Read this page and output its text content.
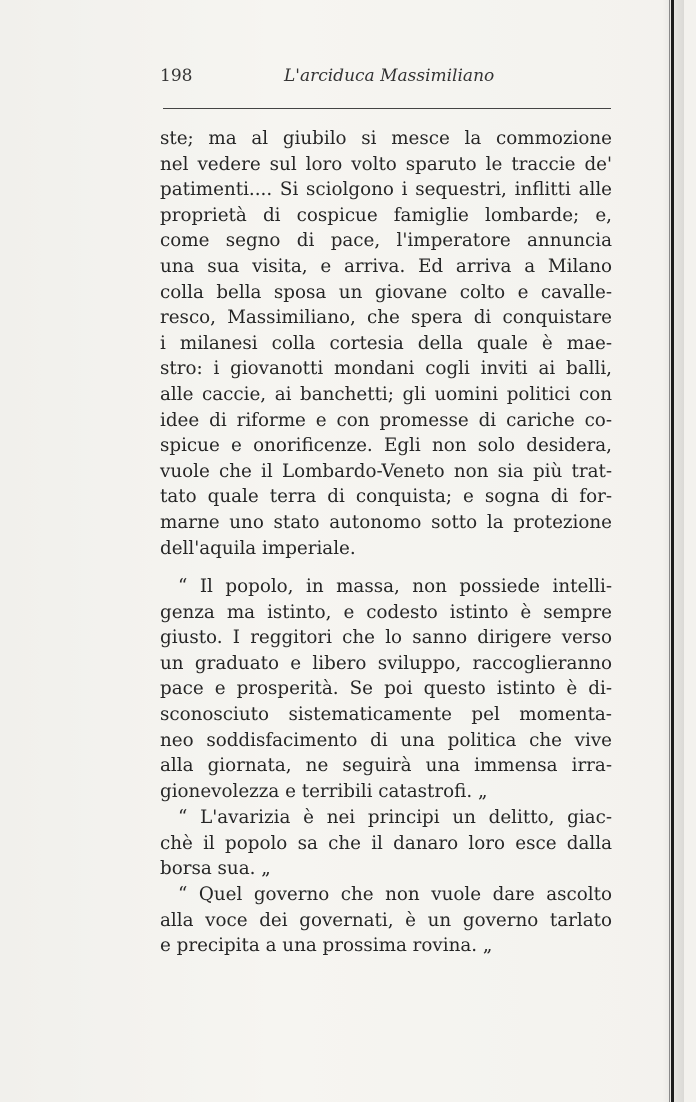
198	L'arciduca Massimiliano
ste; ma al giubilo si mesce la commozione
nel vedere sul loro volto sparuto le traccie de'
patimenti.... Si sciolgono i sequestri, inflitti alle
proprietà di cospicue famiglie lombarde; e,
come segno di pace, l'imperatore annuncia
una sua visita, e arriva. Ed arriva a Milano
colla bella sposa un giovane colto e cavalle-
resco, Massimiliano, che spera di conquistare
i milanesi colla cortesia della quale è mae-
stro: i giovanotti mondani cogli inviti ai balli,
alle caccie, ai banchetti; gli uomini politici con
idee di riforme e con promesse di cariche co-
spicue e onorificenze. Egli non solo desidera,
vuole che il Lombardo-Veneto non sia più trat-
tato quale terra di conquista; e sogna di for-
marne uno stato autonomo sotto la protezione
dell'aquila imperiale.
“ Il popolo, in massa, non possiede intelli-
genza ma istinto, e codesto istinto è sempre
giusto. I reggitori che lo sanno dirigere verso
un graduato e libero sviluppo, raccoglieranno
pace e prosperità. Se poi questo istinto è di-
sconosciuto sistematicamente pel momenta-
neo soddisfacimento di una politica che vive
alla giornata, ne seguirà una immensa irra-
gionevolezza e terribili catastrofi. „
“ L'avarizia è nei principi un delitto, giac-
chè il popolo sa che il danaro loro esce dalla
borsa sua. „
“ Quel governo che non vuole dare ascolto
alla voce dei governati, è un governo tarlato
e precipita a una prossima rovina. „
